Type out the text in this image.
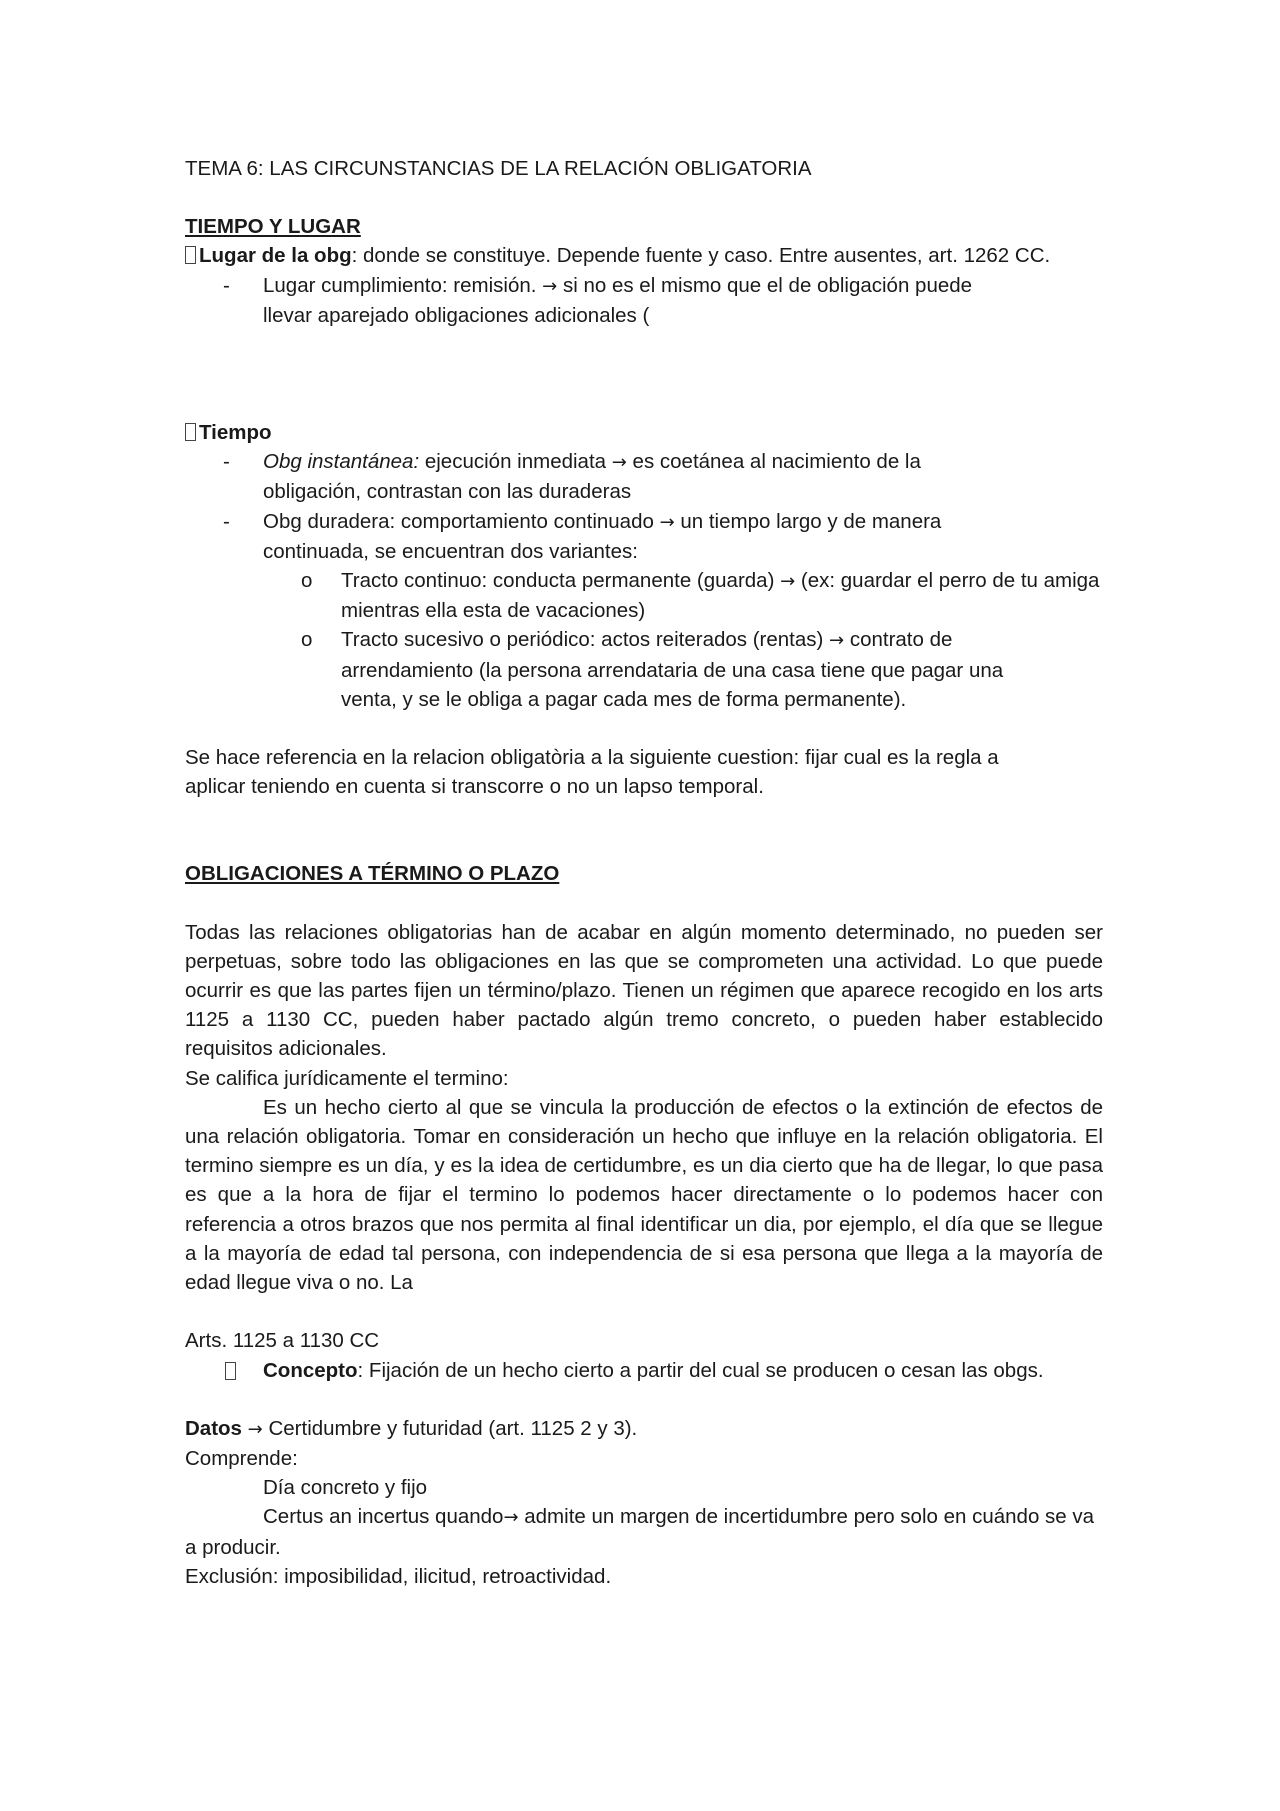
TEMA 6: LAS CIRCUNSTANCIAS DE LA RELACIÓN OBLIGATORIA

TIEMPO Y LUGAR

Lugar de la obg: donde se constituye. Depende fuente y caso. Entre ausentes, art. 1262 CC.

- Lugar cumplimiento: remisión. → si no es el mismo que el de obligación puede llevar aparejado obligaciones adicionales (

Tiempo

- Obg instantánea: ejecución inmediata → es coetánea al nacimiento de la obligación, contrastan con las duraderas
- Obg duradera: comportamiento continuado → un tiempo largo y de manera continuada, se encuentran dos variantes:
o Tracto continuo: conducta permanente (guarda) → (ex: guardar el perro de tu amiga mientras ella esta de vacaciones)
o Tracto sucesivo o periódico: actos reiterados (rentas) → contrato de arrendamiento (la persona arrendataria de una casa tiene que pagar una venta, y se le obliga a pagar cada mes de forma permanente).

Se hace referencia en la relacion obligatòria a la siguiente cuestion: fijar cual es la regla a aplicar teniendo en cuenta si transcorre o no un lapso temporal.

OBLIGACIONES A TÉRMINO O PLAZO

Todas las relaciones obligatorias han de acabar en algún momento determinado, no pueden ser perpetuas, sobre todo las obligaciones en las que se comprometen una actividad. Lo que puede ocurrir es que las partes fijen un término/plazo. Tienen un régimen que aparece recogido en los arts 1125 a 1130 CC, pueden haber pactado algún tremo concreto, o pueden haber establecido requisitos adicionales.

Se califica jurídicamente el termino:

Es un hecho cierto al que se vincula la producción de efectos o la extinción de efectos de una relación obligatoria. Tomar en consideración un hecho que influye en la relación obligatoria. El termino siempre es un día, y es la idea de certidumbre, es un dia cierto que ha de llegar, lo que pasa es que a la hora de fijar el termino lo podemos hacer directamente o lo podemos hacer con referencia a otros brazos que nos permita al final identificar un dia, por ejemplo, el día que se llegue a la mayoría de edad tal persona, con independencia de si esa persona que llega a la mayoría de edad llegue viva o no. La

Arts. 1125 a 1130 CC

Concepto: Fijación de un hecho cierto a partir del cual se producen o cesan las obgs.

Datos → Certidumbre y futuridad (art. 1125 2 y 3).

Comprende:

Día concreto y fijo

Certus an incertus quando→ admite un margen de incertidumbre pero solo en cuándo se va a producir.

Exclusión: imposibilidad, ilicitud, retroactividad.
